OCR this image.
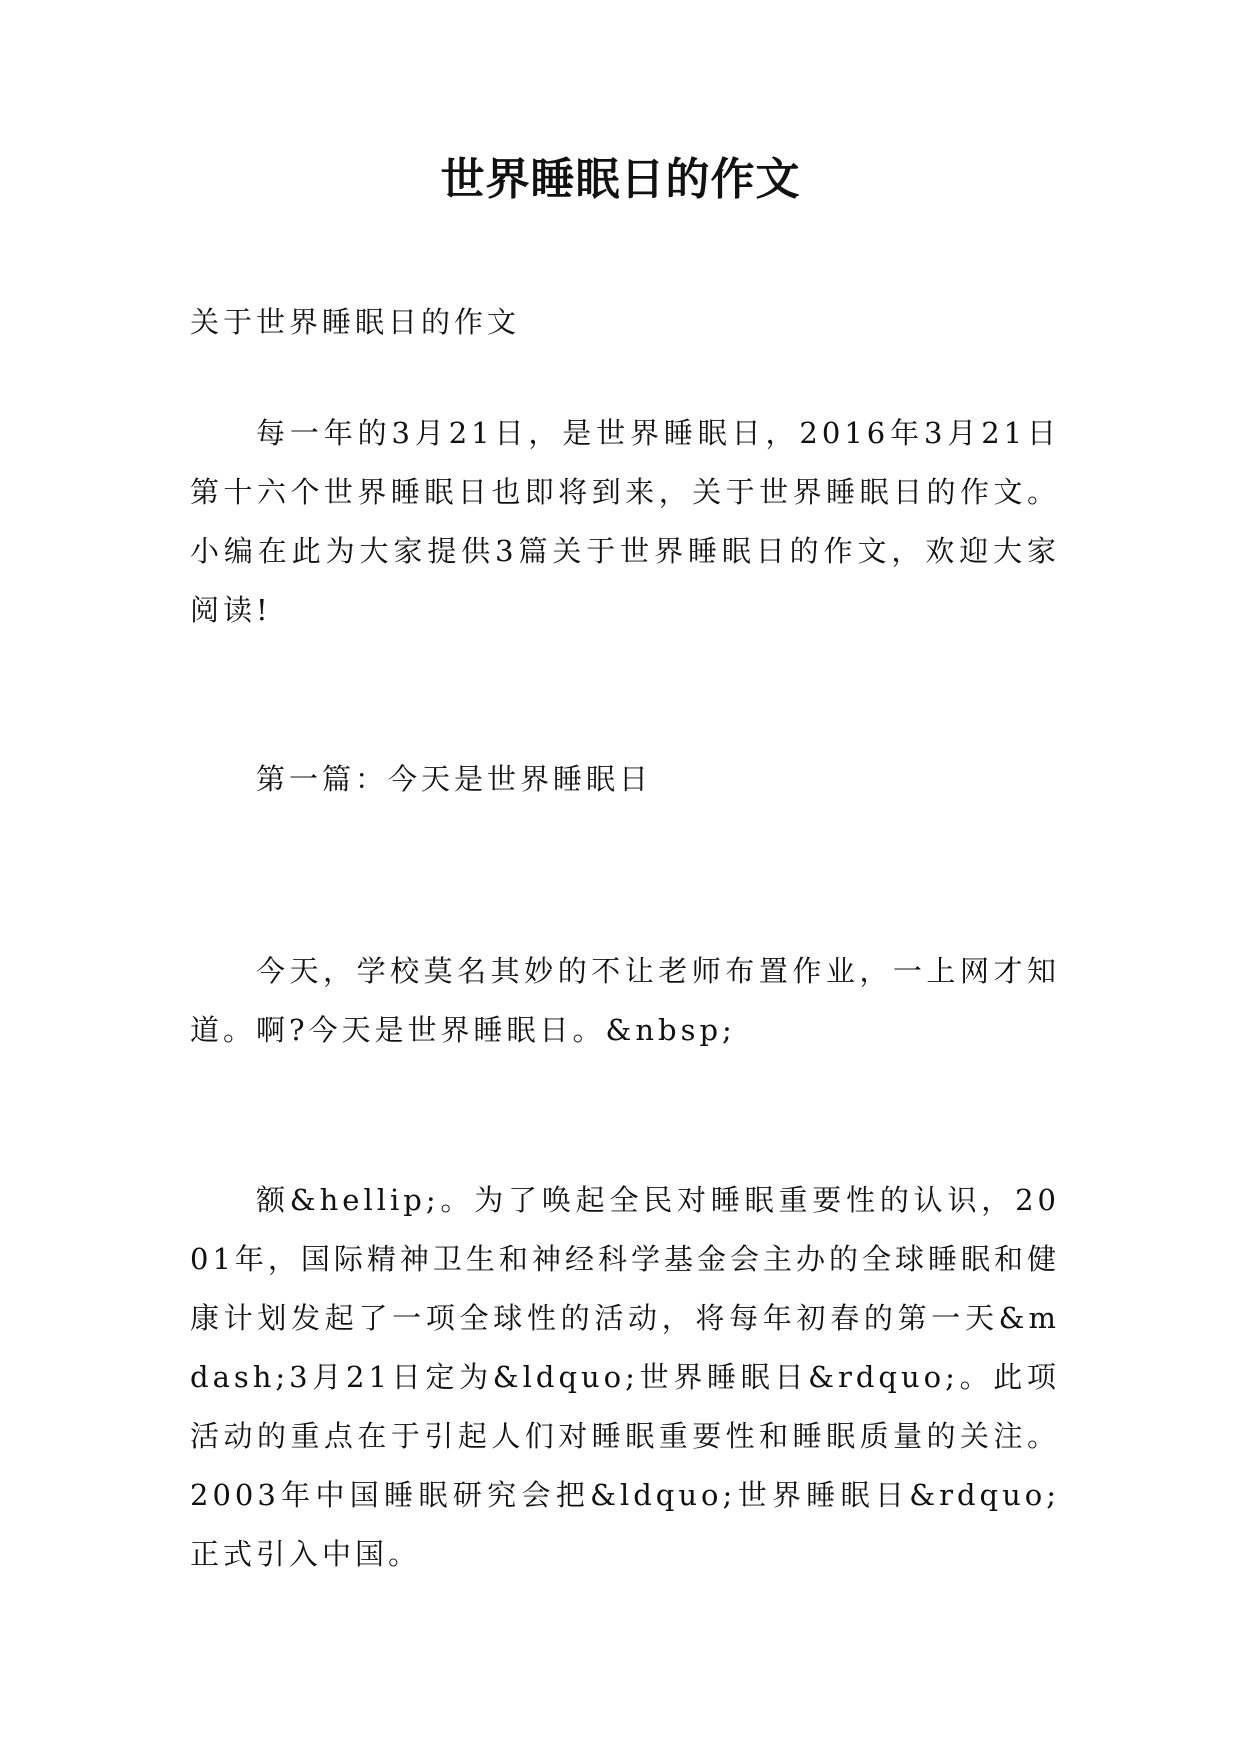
世界睡眠日的作文
关于世界睡眠日的作文
每一年的3月21日，是世界睡眠日，2016年3月21日第十六个世界睡眠日也即将到来，关于世界睡眠日的作文。小编在此为大家提供3篇关于世界睡眠日的作文，欢迎大家阅读!
第一篇：今天是世界睡眠日
今天，学校莫名其妙的不让老师布置作业，一上网才知道。啊?今天是世界睡眠日。&nbsp;
额&hellip;。为了唤起全民对睡眠重要性的认识，2001年，国际精神卫生和神经科学基金会主办的全球睡眠和健康计划发起了一项全球性的活动，将每年初春的第一天&mdash;3月21日定为&ldquo;世界睡眠日&rdquo;。此项活动的重点在于引起人们对睡眠重要性和睡眠质量的关注。2003年中国睡眠研究会把&ldquo;世界睡眠日&rdquo;正式引入中国。
